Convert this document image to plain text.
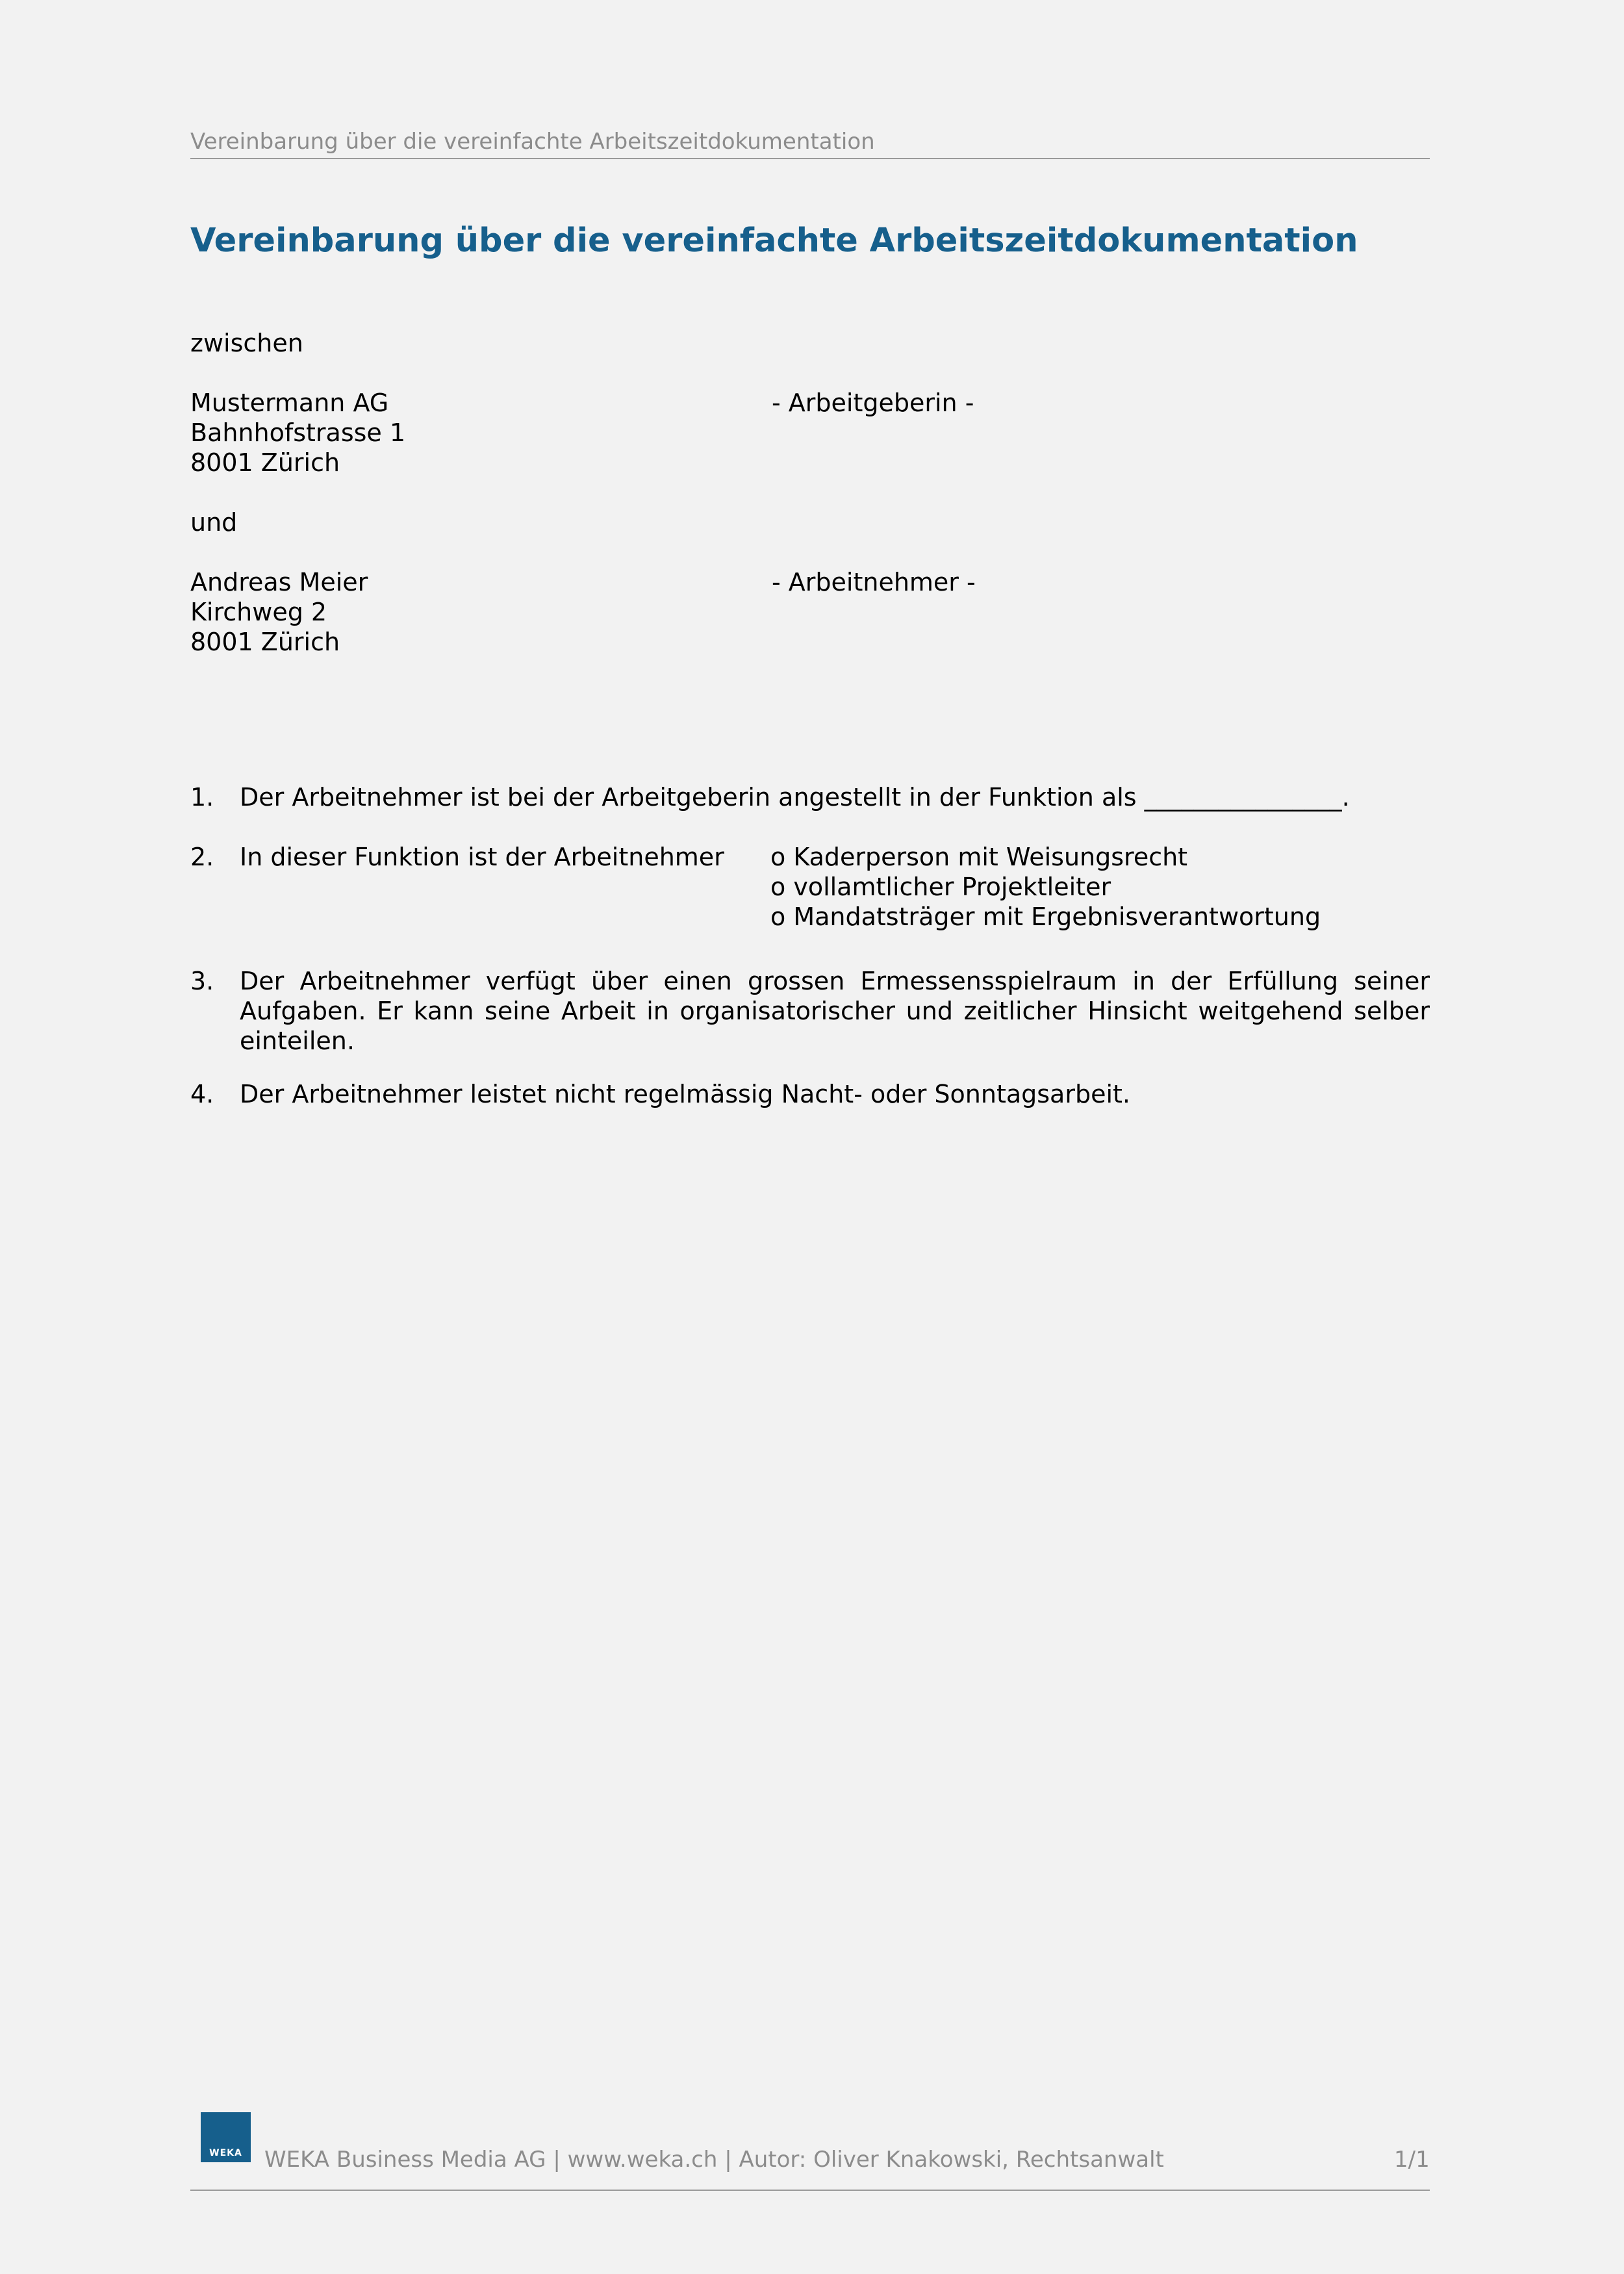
Vereinbarung über die vereinfachte Arbeitszeitdokumentation
Vereinbarung über die vereinfachte Arbeitszeitdokumentation
zwischen
Mustermann AG	- Arbeitgeberin -
Bahnhofstrasse 1
8001 Zürich
und
Andreas Meier	- Arbeitnehmer -
Kirchweg 2
8001 Zürich
1. Der Arbeitnehmer ist bei der Arbeitgeberin angestellt in der Funktion als ________________.
2. In dieser Funktion ist der Arbeitnehmer o Kaderperson mit Weisungsrecht
o vollamtlicher Projektleiter
o Mandatsträger mit Ergebnisverantwortung
3. Der Arbeitnehmer verfügt über einen grossen Ermessensspielraum in der Erfüllung seiner Aufgaben. Er kann seine Arbeit in organisatorischer und zeitlicher Hinsicht weitgehend selber einteilen.
4. Der Arbeitnehmer leistet nicht regelmässig Nacht- oder Sonntagsarbeit.
WEKA	WEKA Business Media AG | www.weka.ch | Autor: Oliver Knakowski, Rechtsanwalt	1/1
